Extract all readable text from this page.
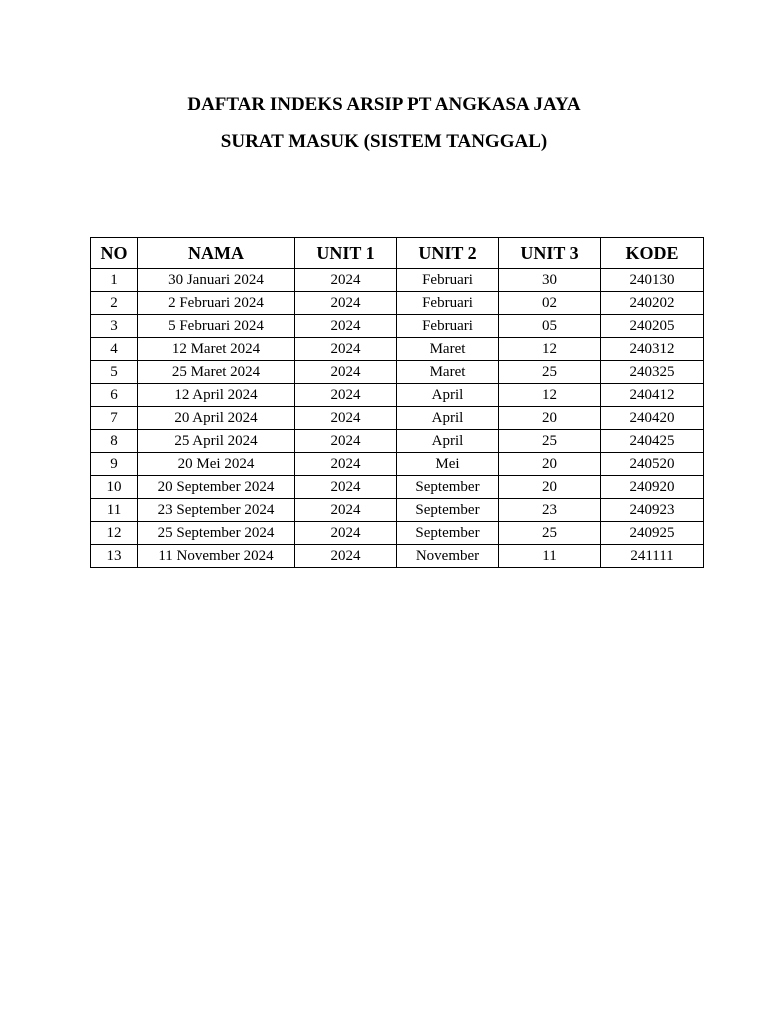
DAFTAR INDEKS ARSIP PT ANGKASA JAYA
SURAT MASUK (SISTEM TANGGAL)
NO	NAMA	UNIT 1	UNIT 2	UNIT 3	KODE
1	30 Januari 2024	2024	Februari	30	240130
2	2 Februari 2024	2024	Februari	02	240202
3	5 Februari 2024	2024	Februari	05	240205
4	12 Maret 2024	2024	Maret	12	240312
5	25 Maret 2024	2024	Maret	25	240325
6	12 April 2024	2024	April	12	240412
7	20 April 2024	2024	April	20	240420
8	25 April 2024	2024	April	25	240425
9	20 Mei 2024	2024	Mei	20	240520
10	20 September 2024	2024	September	20	240920
11	23 September 2024	2024	September	23	240923
12	25 September 2024	2024	September	25	240925
13	11 November 2024	2024	November	11	241111
